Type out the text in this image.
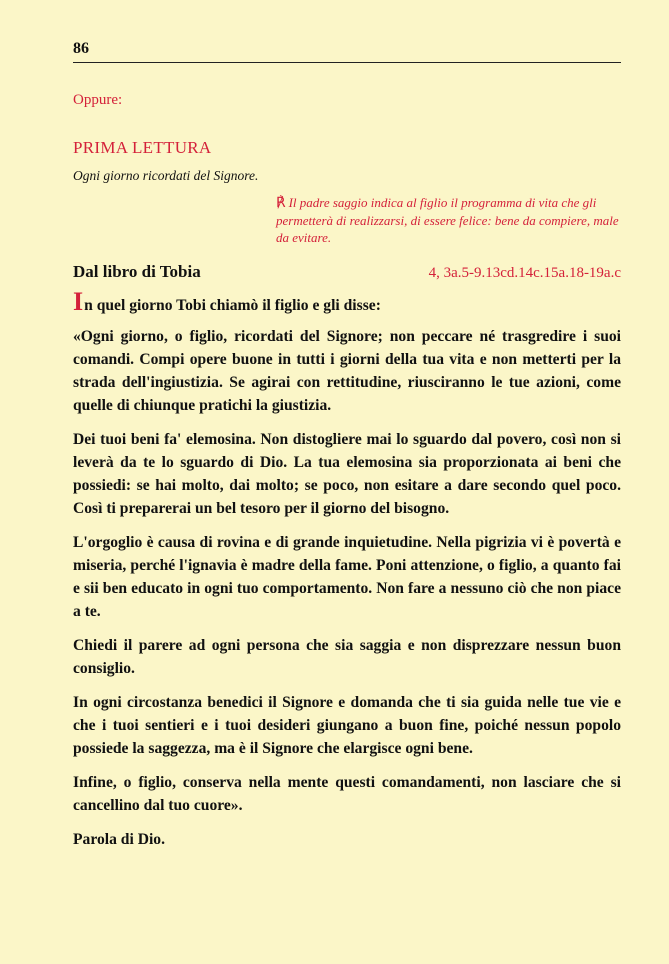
86
Oppure:
PRIMA LETTURA
Ogni giorno ricordati del Signore.
℟ Il padre saggio indica al figlio il programma di vita che gli permetterà di realizzarsi, di essere felice: bene da compiere, male da evitare.
Dal libro di Tobia	4, 3a.5-9.13cd.14c.15a.18-19a.c

In quel giorno Tobi chiamò il figlio e gli disse:

«Ogni giorno, o figlio, ricordati del Signore; non peccare né trasgredire i suoi comandi. Compi opere buone in tutti i giorni della tua vita e non metterti per la strada dell'ingiustizia. Se agirai con rettitudine, riusciranno le tue azioni, come quelle di chiunque pratichi la giustizia.

Dei tuoi beni fa' elemosina. Non distogliere mai lo sguardo dal povero, così non si leverà da te lo sguardo di Dio. La tua elemosina sia proporzionata ai beni che possiedi: se hai molto, dai molto; se poco, non esitare a dare secondo quel poco. Così ti preparerai un bel tesoro per il giorno del bisogno.

L'orgoglio è causa di rovina e di grande inquietudine. Nella pigrizia vi è povertà e miseria, perché l'ignavia è madre della fame. Poni attenzione, o figlio, a quanto fai e sii ben educato in ogni tuo comportamento. Non fare a nessuno ciò che non piace a te.

Chiedi il parere ad ogni persona che sia saggia e non disprezzare nessun buon consiglio.

In ogni circostanza benedici il Signore e domanda che ti sia guida nelle tue vie e che i tuoi sentieri e i tuoi desideri giungano a buon fine, poiché nessun popolo possiede la saggezza, ma è il Signore che elargisce ogni bene.

Infine, o figlio, conserva nella mente questi comandamenti, non lasciare che si cancellino dal tuo cuore».

Parola di Dio.
